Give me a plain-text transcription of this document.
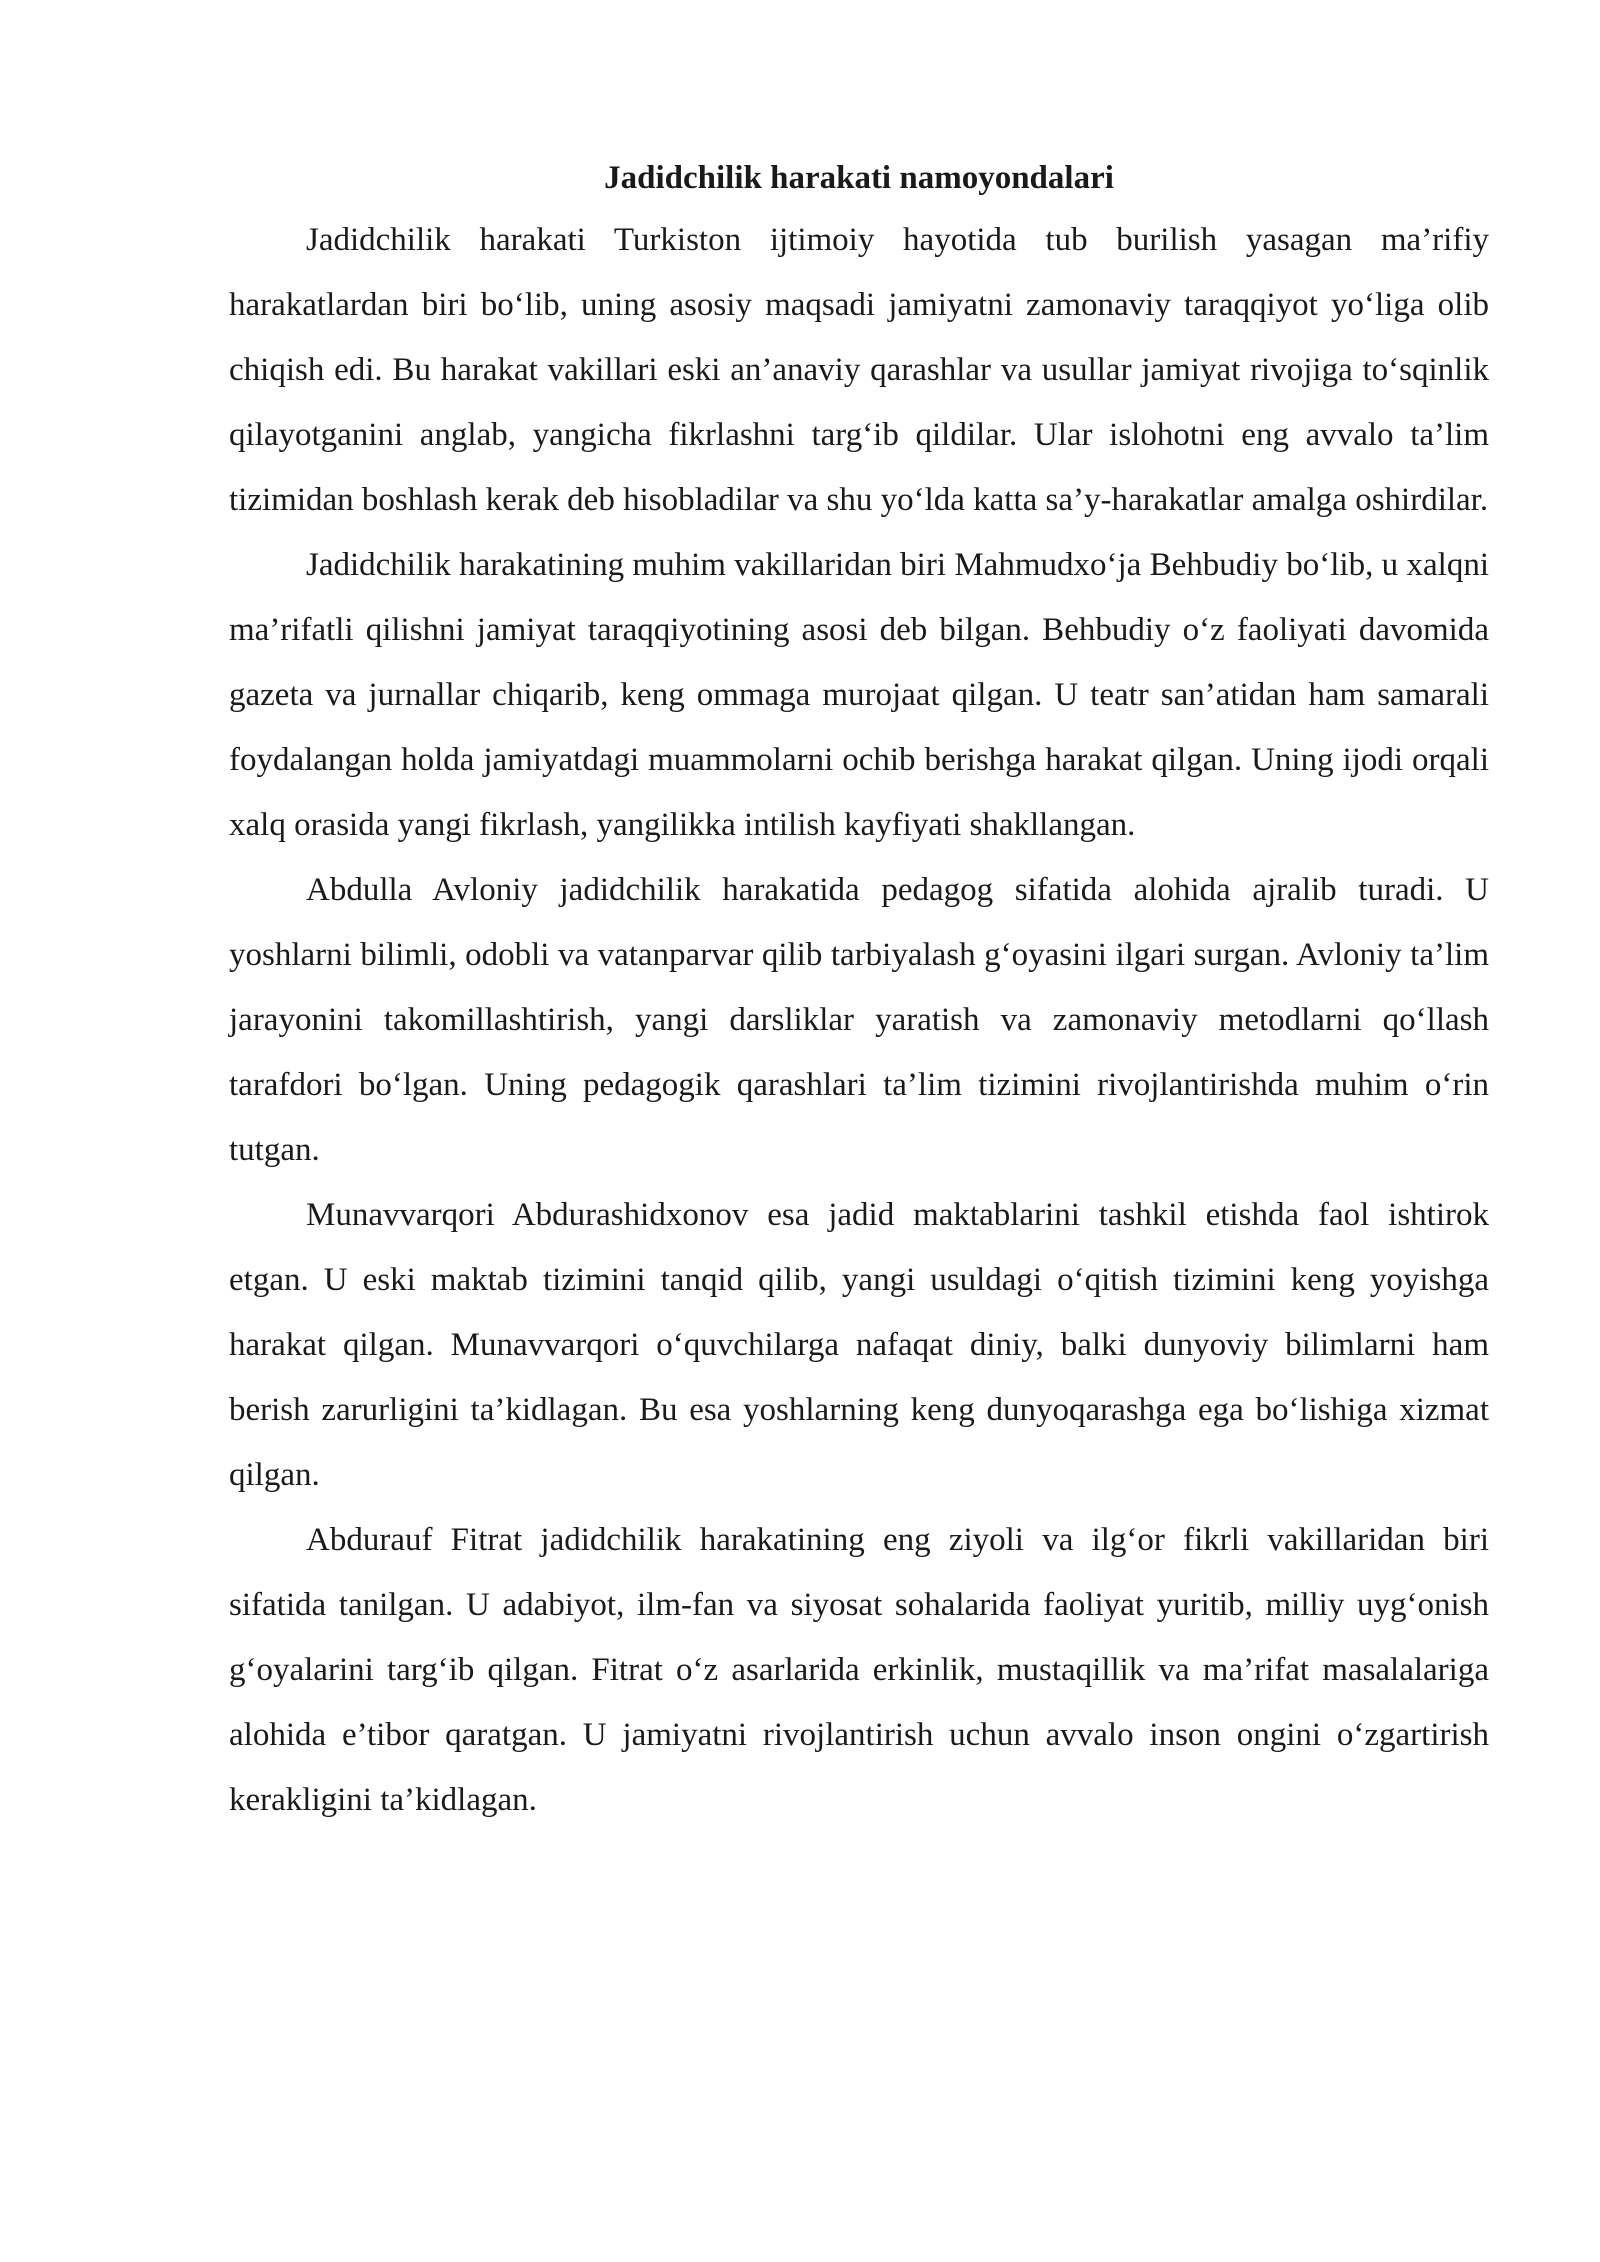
Jadidchilik harakati namoyondalari

Jadidchilik harakati Turkiston ijtimoiy hayotida tub burilish yasagan ma’rifiy harakatlardan biri bo‘lib, uning asosiy maqsadi jamiyatni zamonaviy taraqqiyot yo‘liga olib chiqish edi. Bu harakat vakillari eski an’anaviy qarashlar va usullar jamiyat rivojiga to‘sqinlik qilayotganini anglab, yangicha fikrlashni targ‘ib qildilar. Ular islohotni eng avvalo ta’lim tizimidan boshlash kerak deb hisobladilar va shu yo‘lda katta sa’y-harakatlar amalga oshirdilar.

Jadidchilik harakatining muhim vakillaridan biri Mahmudxo‘ja Behbudiy bo‘lib, u xalqni ma’rifatli qilishni jamiyat taraqqiyotining asosi deb bilgan. Behbudiy o‘z faoliyati davomida gazeta va jurnallar chiqarib, keng ommaga murojaat qilgan. U teatr san’atidan ham samarali foydalangan holda jamiyatdagi muammolarni ochib berishga harakat qilgan. Uning ijodi orqali xalq orasida yangi fikrlash, yangilikka intilish kayfiyati shakllangan.

Abdulla Avloniy jadidchilik harakatida pedagog sifatida alohida ajralib turadi. U yoshlarni bilimli, odobli va vatanparvar qilib tarbiyalash g‘oyasini ilgari surgan. Avloniy ta’lim jarayonini takomillashtirish, yangi darsliklar yaratish va zamonaviy metodlarni qo‘llash tarafdori bo‘lgan. Uning pedagogik qarashlari ta’lim tizimini rivojlantirishda muhim o‘rin tutgan.

Munavvarqori Abdurashidxonov esa jadid maktablarini tashkil etishda faol ishtirok etgan. U eski maktab tizimini tanqid qilib, yangi usuldagi o‘qitish tizimini keng yoyishga harakat qilgan. Munavvarqori o‘quvchilarga nafaqat diniy, balki dunyoviy bilimlarni ham berish zarurligini ta’kidlagan. Bu esa yoshlarning keng dunyoqarashga ega bo‘lishiga xizmat qilgan.

Abdurauf Fitrat jadidchilik harakatining eng ziyoli va ilg‘or fikrli vakillaridan biri sifatida tanilgan. U adabiyot, ilm-fan va siyosat sohalarida faoliyat yuritib, milliy uyg‘onish g‘oyalarini targ‘ib qilgan. Fitrat o‘z asarlarida erkinlik, mustaqillik va ma’rifat masalalariga alohida e’tibor qaratgan. U jamiyatni rivojlantirish uchun avvalo inson ongini o‘zgartirish kerakligini ta’kidlagan.
